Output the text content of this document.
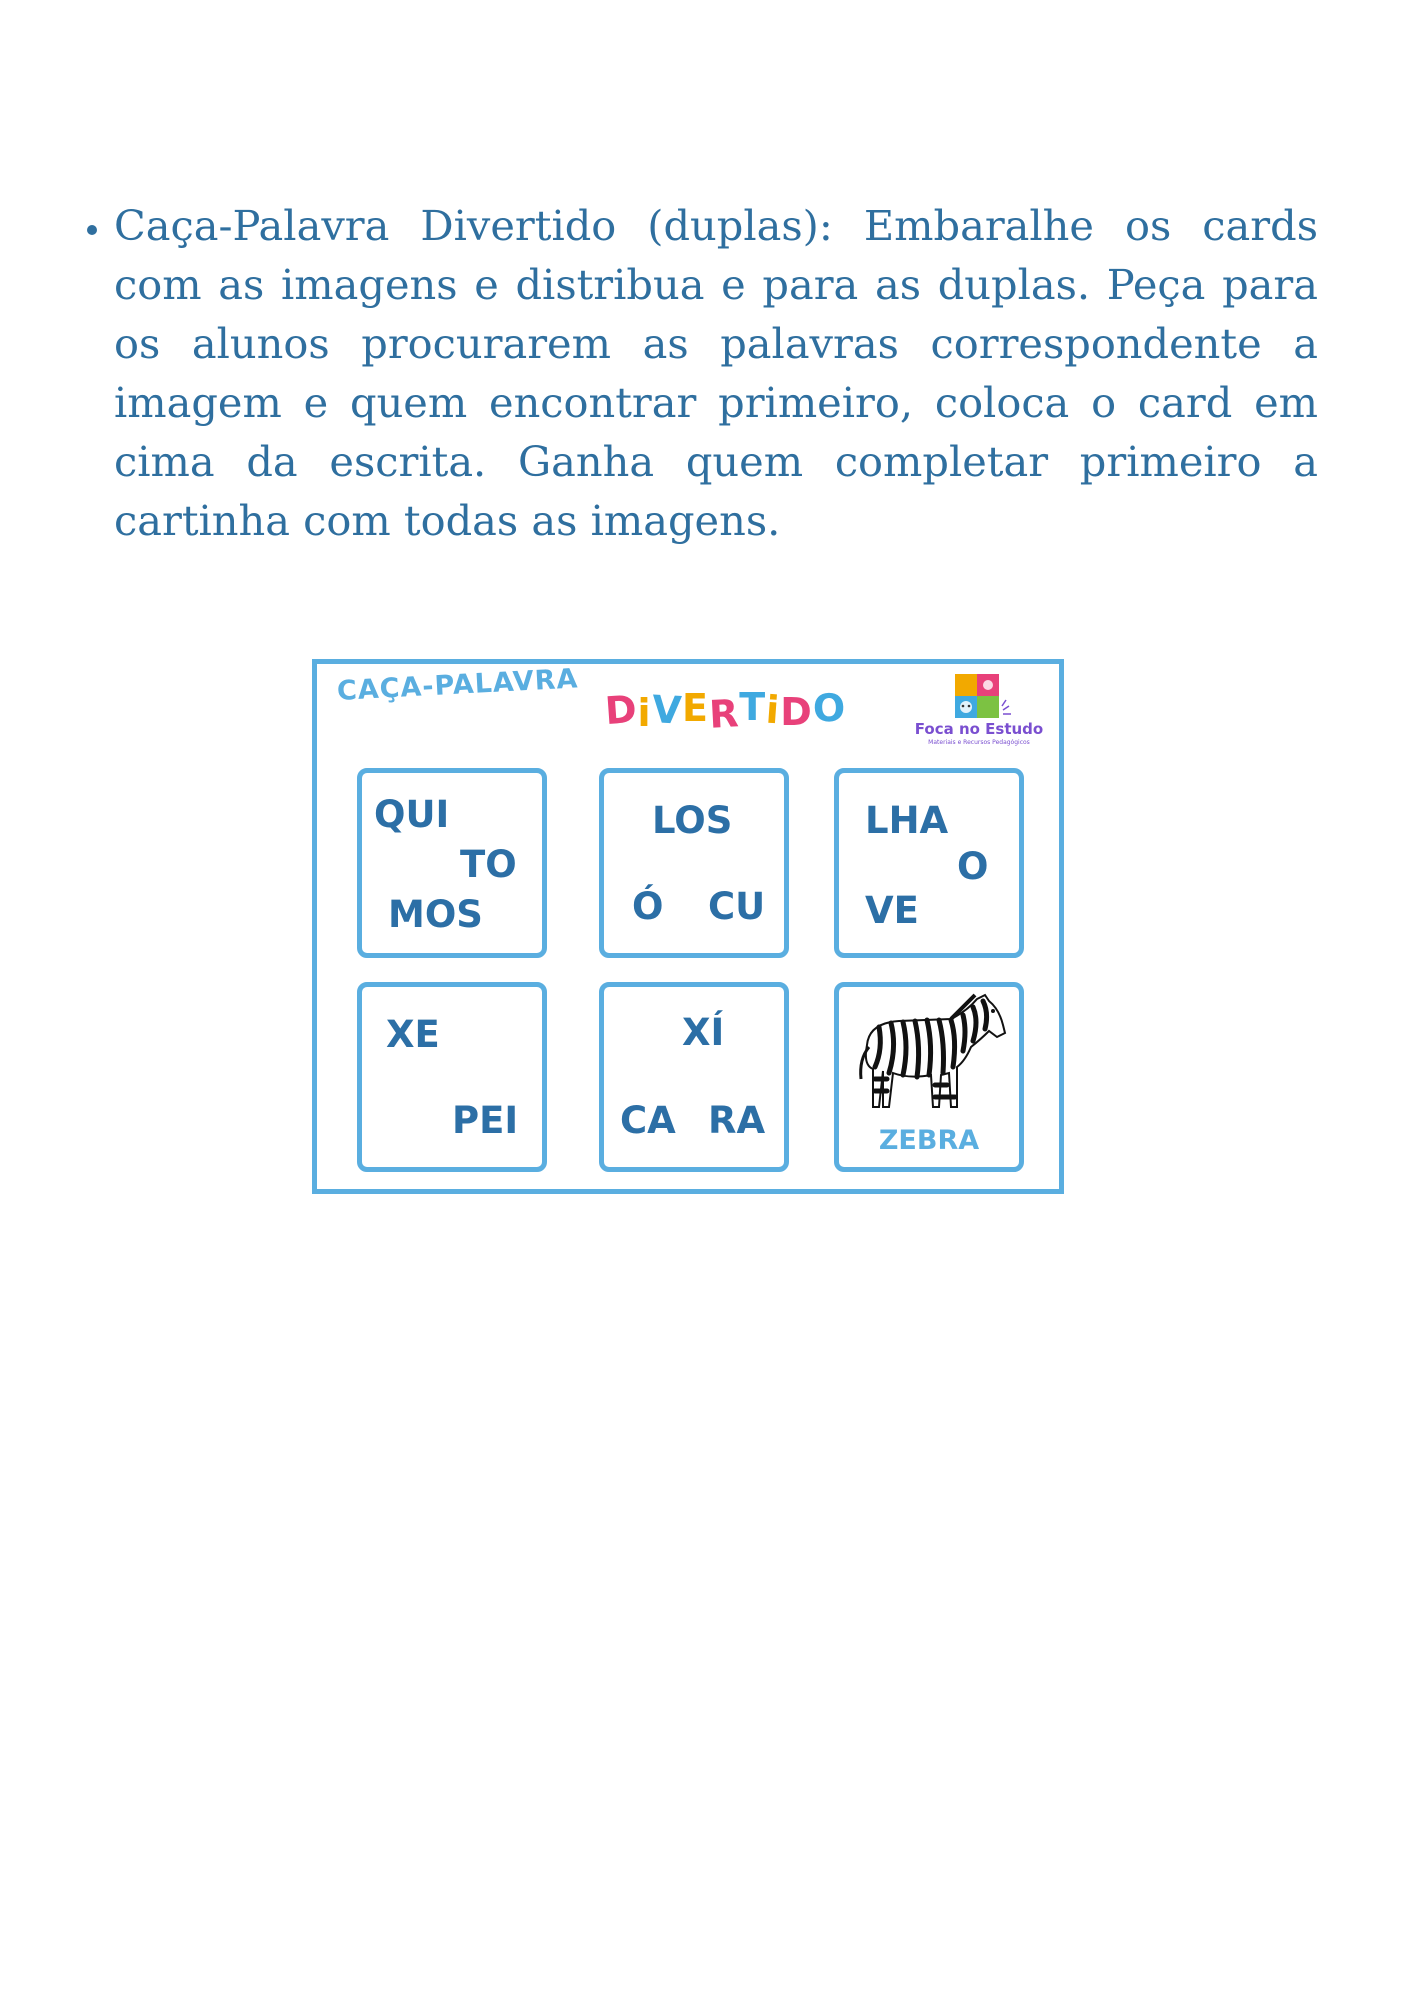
• Caça-Palavra Divertido (duplas): Embaralhe os cards com as imagens e distribua e para as duplas. Peça para os alunos procurarem as palavras correspondente a imagem e quem encontrar primeiro, coloca o card em cima da escrita. Ganha quem completar primeiro a cartinha com todas as imagens.
CAÇA-PALAVRA
DiVERTiDO	Foca no Estudo
Materiais e Recursos Pedagógicos
QUI
TO
MOS
LOS
Ó CU
LHA
O
VE
XE
PEI
XÍ
CA RA	ZEBRA
